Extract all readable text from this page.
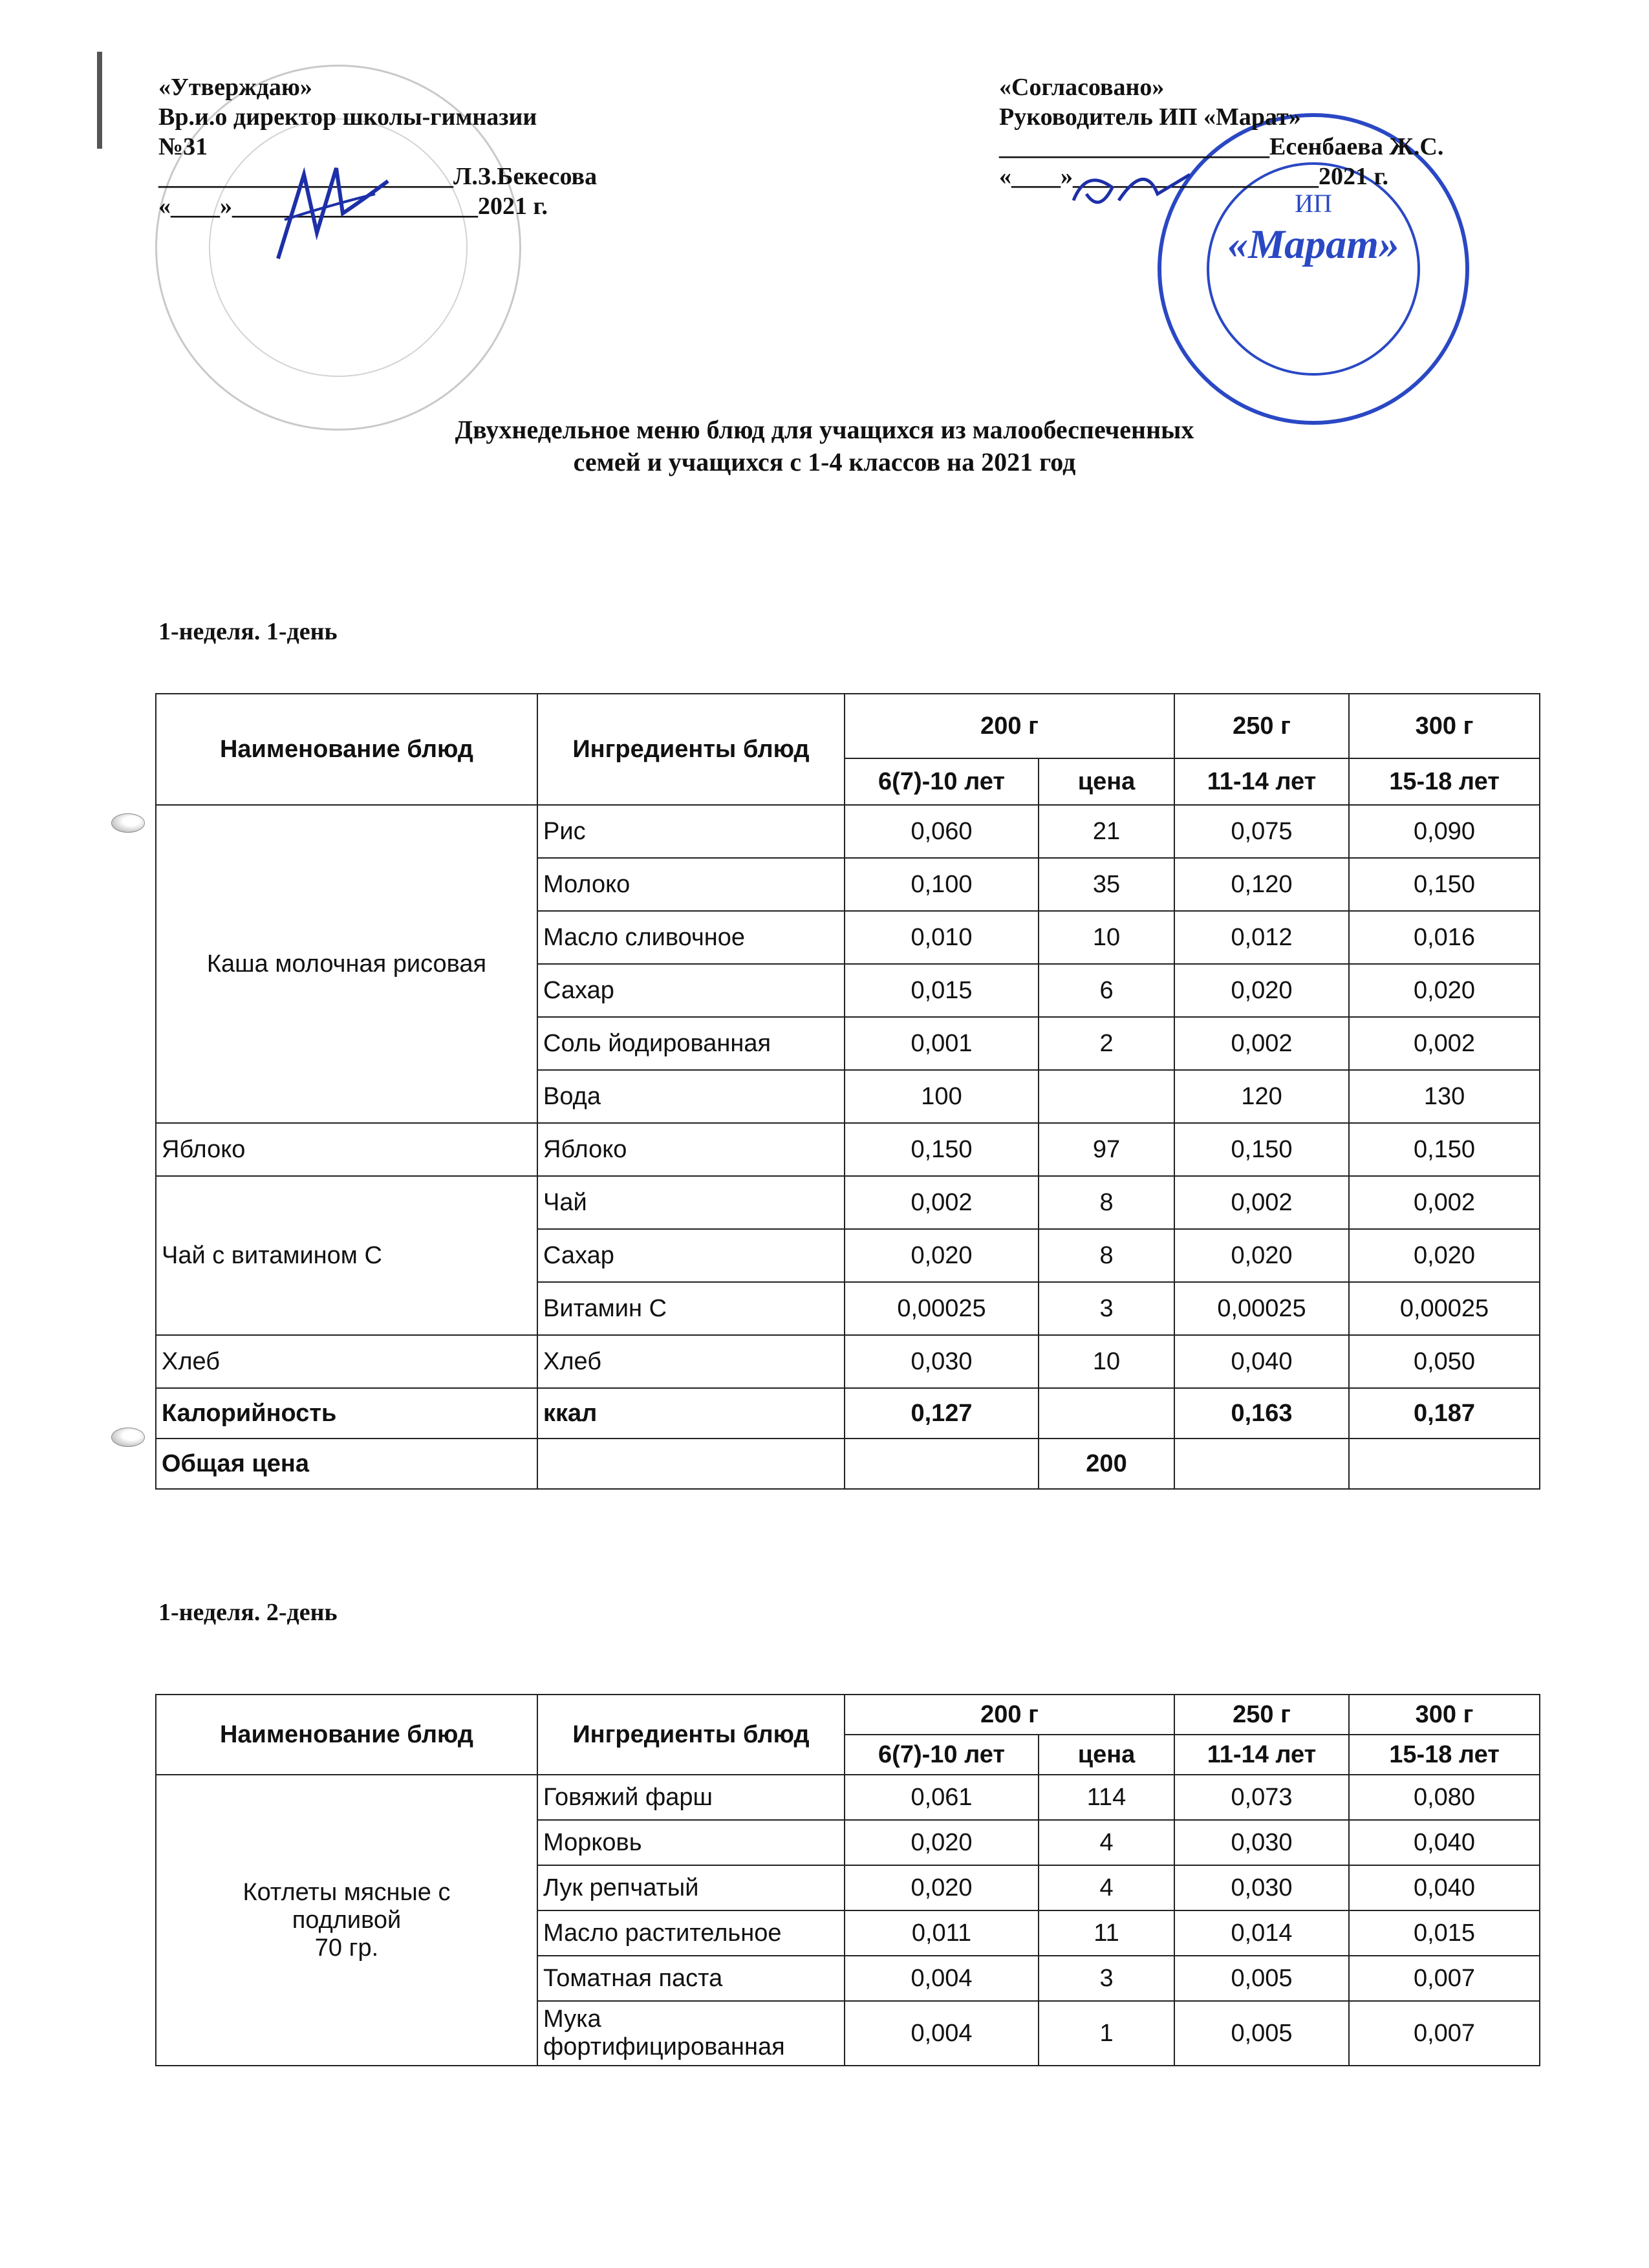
«Утверждаю»
Вр.и.о директор школы-гимназии
№31
________________________Л.З.Бекесова
«____»____________________2021 г.	ИП
«Марат»
«Согласовано»
Руководитель ИП «Марат»
______________________Есенбаева Ж.С.
«____»____________________2021 г.
Двухнедельное меню блюд для учащихся из малообеспеченных
семей и учащихся с 1-4 классов на 2021 год
1-неделя. 1-день
Наименование блюд	Ингредиенты блюд	200 г		250 г	300 г
		6(7)-10 лет	цена	11-14 лет	15-18 лет
Каша молочная рисовая	Рис	0,060	21	0,075	0,090
	Молоко	0,100	35	0,120	0,150
	Масло сливочное	0,010	10	0,012	0,016
	Сахар	0,015	6	0,020	0,020
	Соль йодированная	0,001	2	0,002	0,002
	Вода	100		120	130
Яблоко	Яблоко	0,150	97	0,150	0,150
Чай с витамином С	Чай	0,002	8	0,002	0,002
	Сахар	0,020	8	0,020	0,020
	Витамин С	0,00025	3	0,00025	0,00025
Хлеб	Хлеб	0,030	10	0,040	0,050
Калорийность	ккал	0,127		0,163	0,187
Общая цена			200		
1-неделя. 2-день
Наименование блюд	Ингредиенты блюд	200 г		250 г	300 г
		6(7)-10 лет	цена	11-14 лет	15-18 лет

Котлеты мясные с
подливой
70 гр.	Говяжий фарш	0,061	114	0,073	0,080
	Морковь	0,020	4	0,030	0,040
	Лук репчатый	0,020	4	0,030	0,040
	Масло растительное	0,011	11	0,014	0,015
	Томатная паста	0,004	3	0,005	0,007
	Мука фортифицированная	0,004	1	0,005	0,007
